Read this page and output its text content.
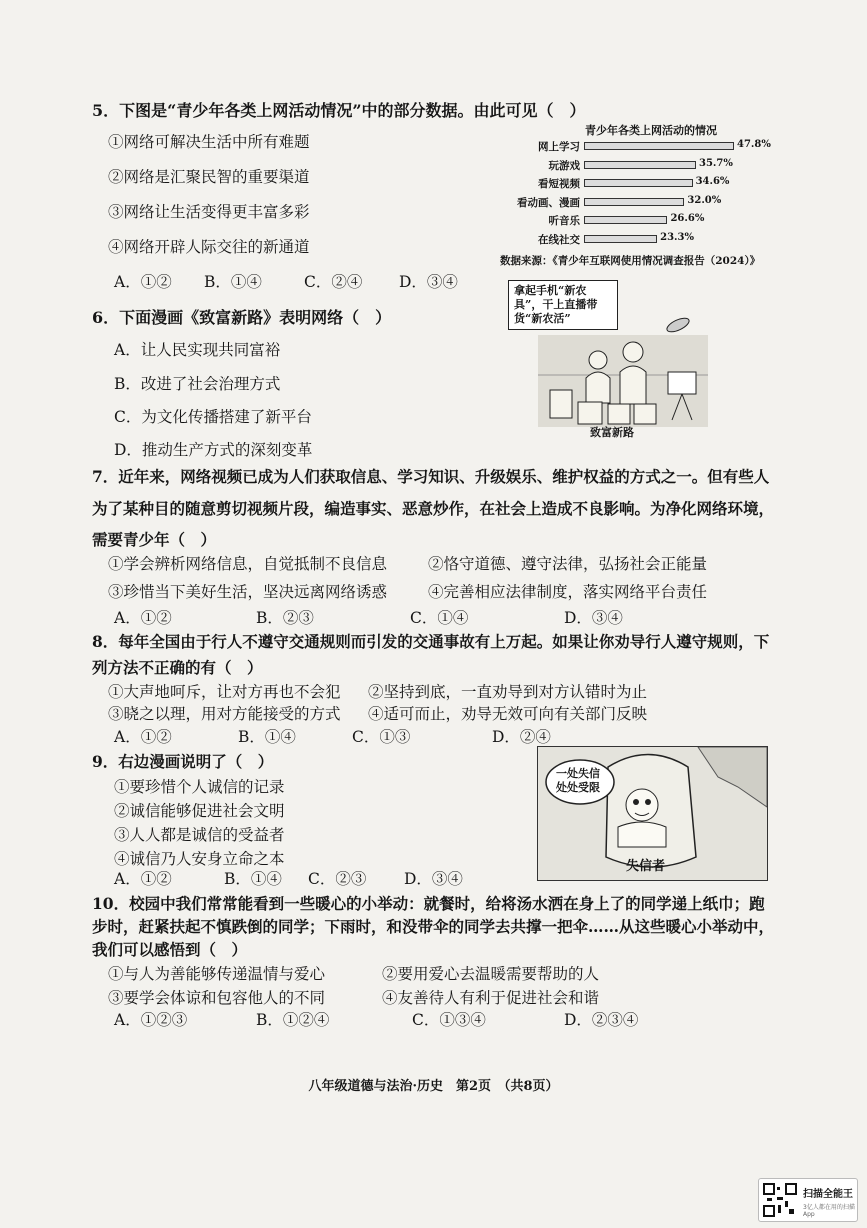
5．下图是“青少年各类上网活动情况”中的部分数据。由此可见（　）
①网络可解决生活中所有难题
②网络是汇聚民智的重要渠道
③网络让生活变得更丰富多彩
④网络开辟人际交往的新通道
A．①② B．①④	C．②④ D．③④
青少年各类上网活动的情况
网上学习	47.8%
玩游戏	35.7%
看短视频	34.6%
看动画、漫画	32.0%
听音乐	26.6%
在线社交	23.3%
数据来源：《青少年互联网使用情况调查报告（2024）》
6．下面漫画《致富新路》表明网络（　）
A．让人民实现共同富裕
B．改进了社会治理方式
C．为文化传播搭建了新平台
D．推动生产方式的深刻变革
拿起手机“新农具”，干上直播带货“新农活”
致富新路
7．近年来，网络视频已成为人们获取信息、学习知识、升级娱乐、维护权益的方式之一。但有些人
为了某种目的随意剪切视频片段，编造事实、恶意炒作，在社会上造成不良影响。为净化网络环境，
需要青少年（　）
①学会辨析网络信息，自觉抵制不良信息	②恪守道德、遵守法律，弘扬社会正能量
③珍惜当下美好生活，坚决远离网络诱惑	④完善相应法律制度，落实网络平台责任
A．①②	B．②③	C．①④	D．③④
8．每年全国由于行人不遵守交通规则而引发的交通事故有上万起。如果让你劝导行人遵守规则，下
列方法不正确的有（　）
①大声地呵斥，让对方再也不会犯 ②坚持到底，一直劝导到对方认错时为止
③晓之以理，用对方能接受的方式 ④适可而止，劝导无效可向有关部门反映
A．①②	B．①④	C．①③	D．②④
9．右边漫画说明了（　）
①要珍惜个人诚信的记录
②诚信能够促进社会文明
③人人都是诚信的受益者
④诚信乃人安身立命之本
A．①②	B．①④ C．②③ D．③④
一处失信处处受限
失信者
10．校园中我们常常能看到一些暖心的小举动：就餐时，给将汤水洒在身上了的同学递上纸巾；跑
步时，赶紧扶起不慎跌倒的同学；下雨时，和没带伞的同学去共撑一把伞……从这些暖心小举动中，
我们可以感悟到（　）
①与人为善能够传递温情与爱心	②要用爱心去温暖需要帮助的人
③要学会体谅和包容他人的不同	④友善待人有利于促进社会和谐
A．①②③	B．①②④	C．①③④	D．②③④
八年级道德与法治·历史　第2页　（共8页）
扫描全能王
3亿人都在用的扫描App
